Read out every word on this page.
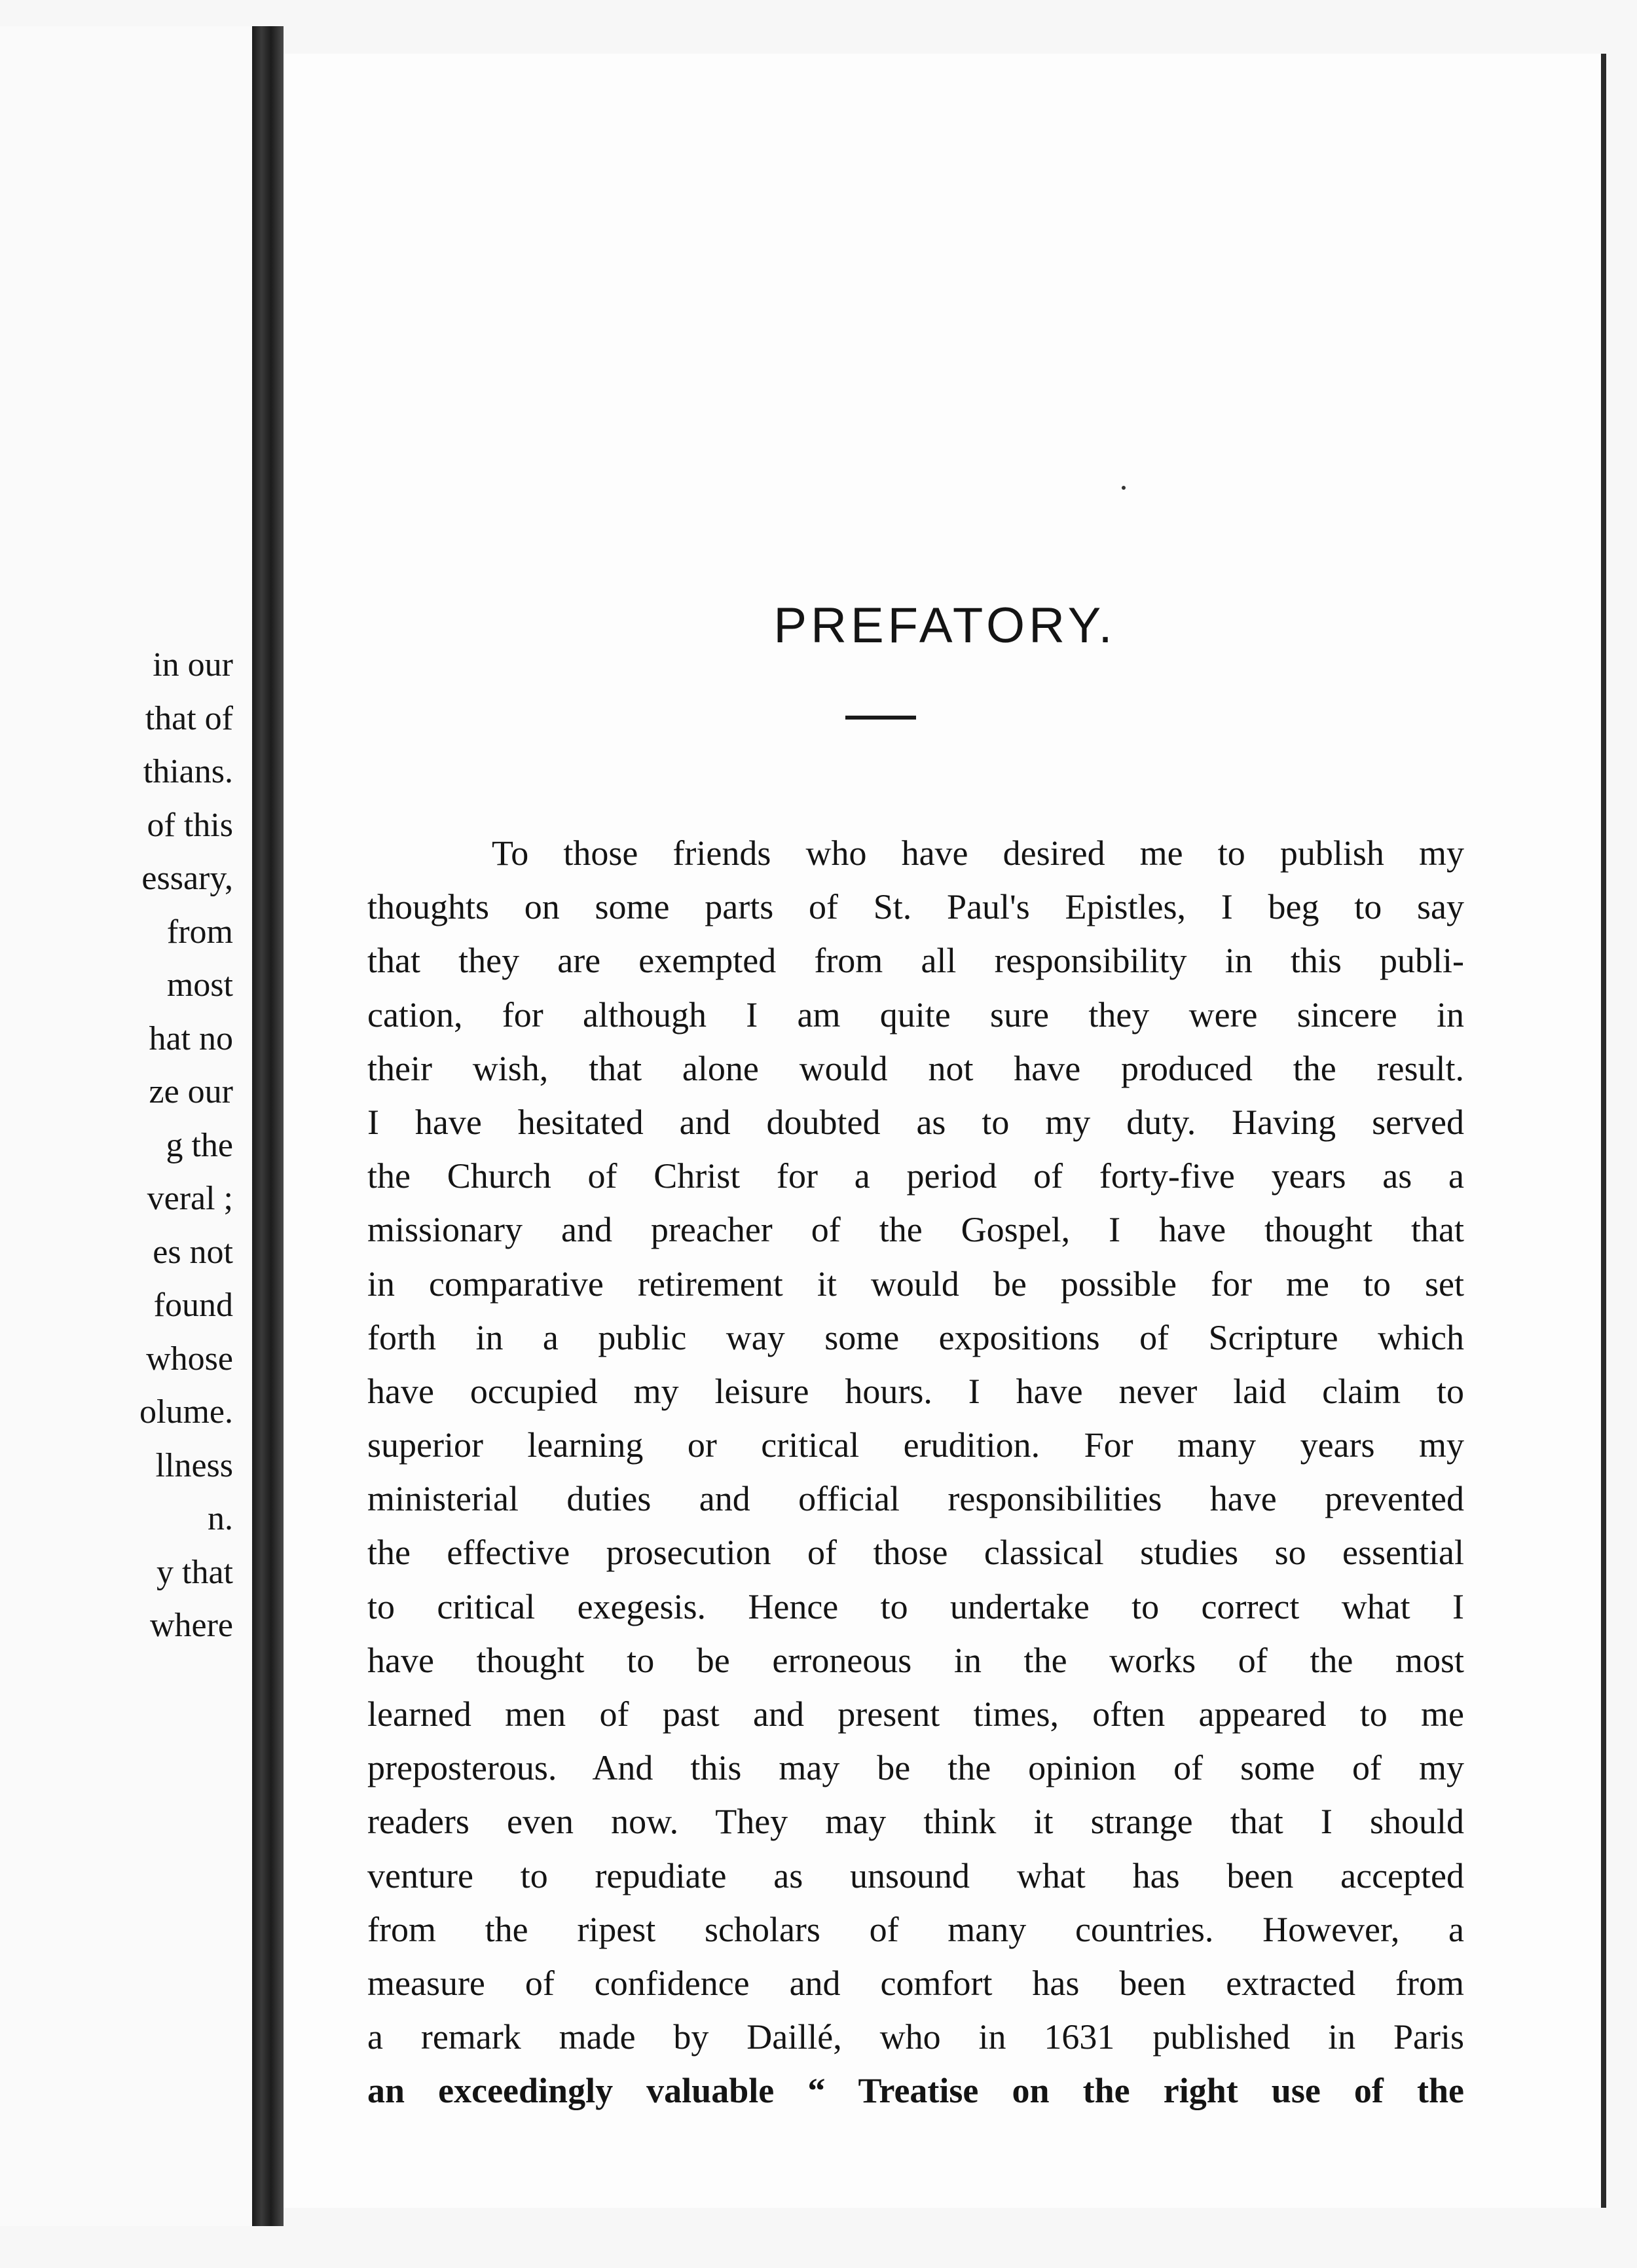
in our
that of
thians.
of this
essary,
from
most
hat no
ze our
g the
veral ;
es not
found
whose
olume.
llness
n.
y that
where
PREFATORY.
To those friends who have desired me to publish my
thoughts on some parts of St. Paul's Epistles, I beg to say
that they are exempted from all responsibility in this publi-
cation, for although I am quite sure they were sincere in
their wish, that alone would not have produced the result.
I have hesitated and doubted as to my duty. Having served
the Church of Christ for a period of forty-five years as a
missionary and preacher of the Gospel, I have thought that
in comparative retirement it would be possible for me to set
forth in a public way some expositions of Scripture which
have occupied my leisure hours. I have never laid claim to
superior learning or critical erudition. For many years my
ministerial duties and official responsibilities have prevented
the effective prosecution of those classical studies so essential
to critical exegesis. Hence to undertake to correct what I
have thought to be erroneous in the works of the most
learned men of past and present times, often appeared to me
preposterous. And this may be the opinion of some of my
readers even now. They may think it strange that I should
venture to repudiate as unsound what has been accepted
from the ripest scholars of many countries. However, a
measure of confidence and comfort has been extracted from
a remark made by Daillé, who in 1631 published in Paris
an exceedingly valuable “ Treatise on the right use of the
